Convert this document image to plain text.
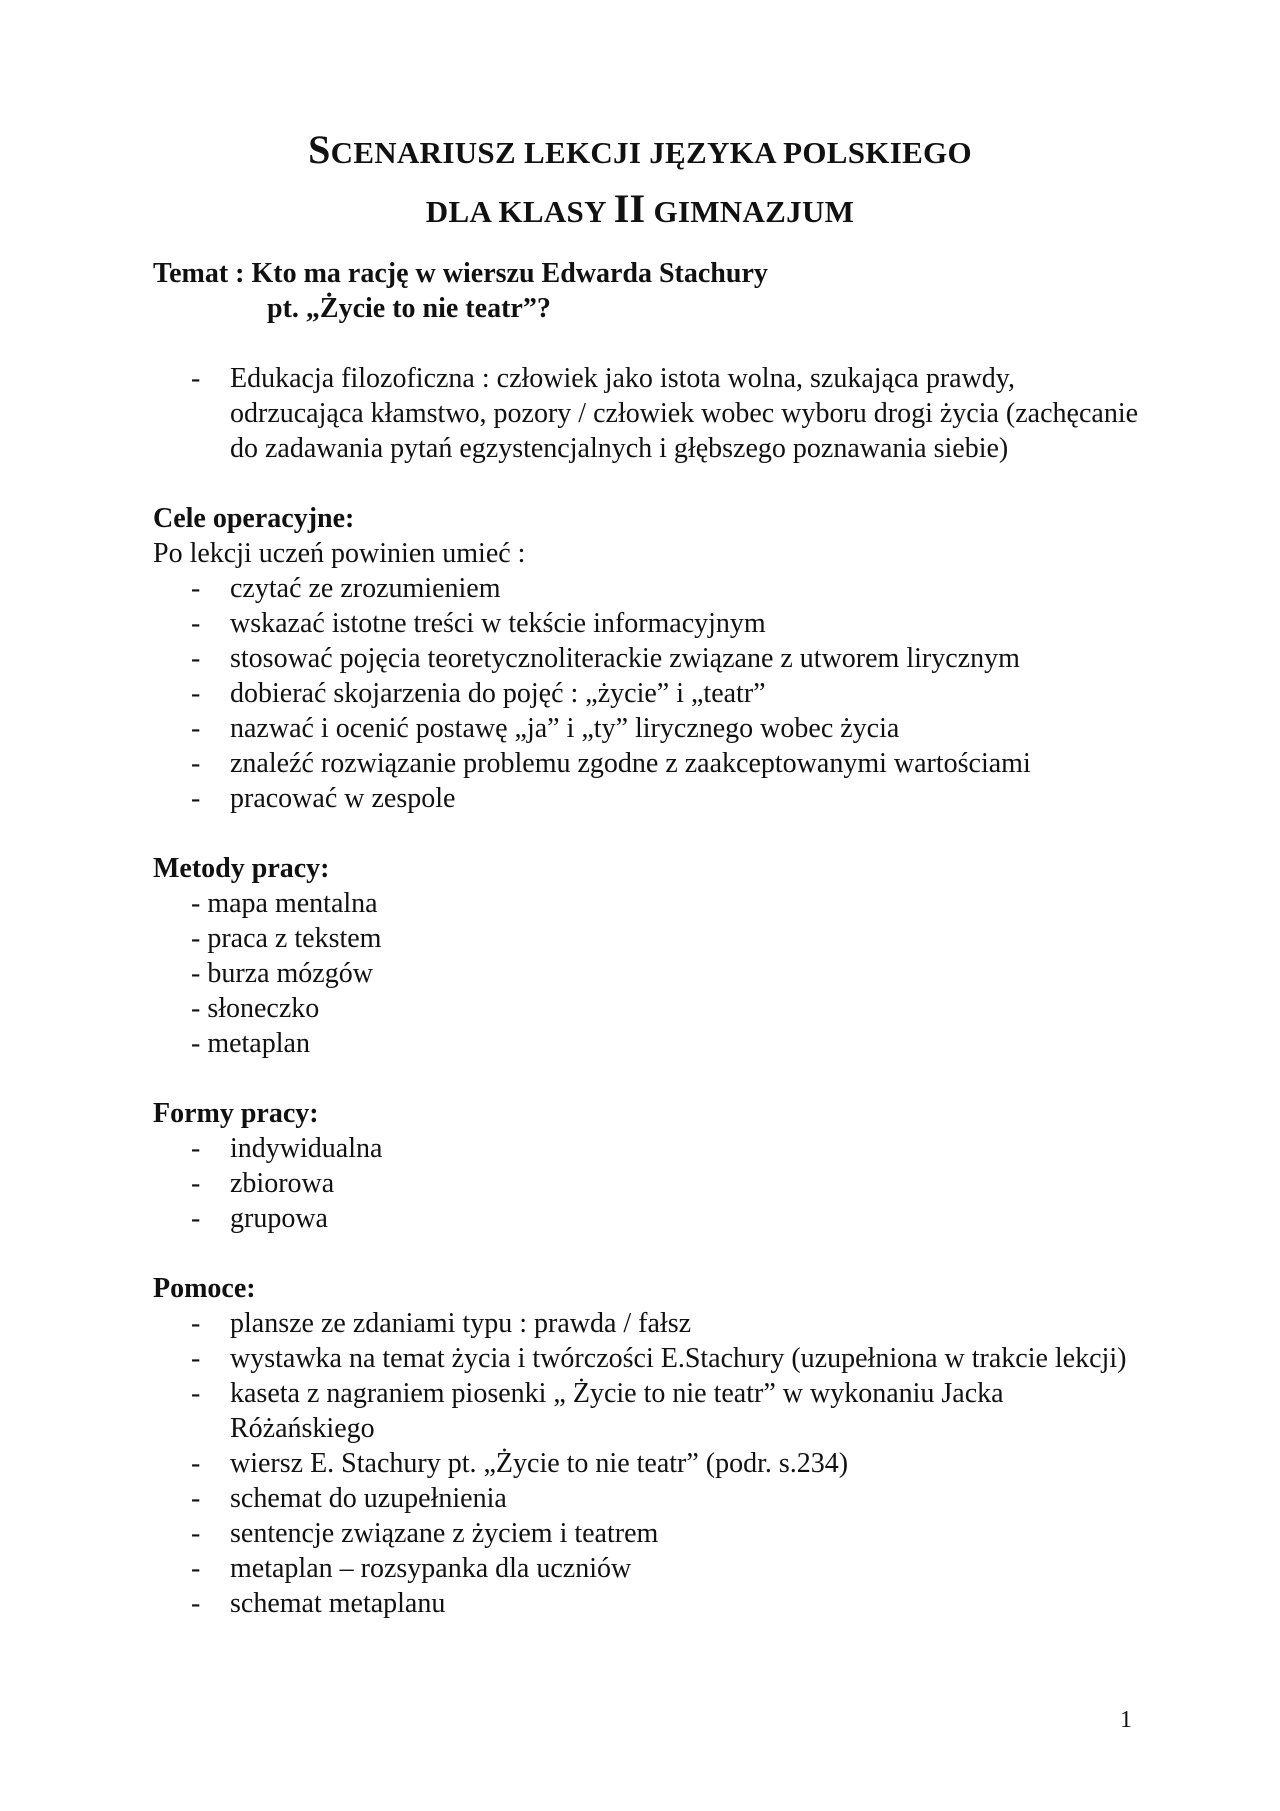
SCENARIUSZ LEKCJI JĘZYKA POLSKIEGO
DLA KLASY II GIMNAZJUM
Temat : Kto ma rację w wierszu Edwarda Stachury
pt. „Życie to nie teatr”?
- Edukacja filozoficzna : człowiek jako istota wolna, szukająca prawdy, odrzucająca kłamstwo, pozory / człowiek wobec wyboru drogi życia (zachęcanie do zadawania pytań egzystencjalnych i głębszego poznawania siebie)
Cele operacyjne:
Po lekcji uczeń powinien umieć :
- czytać ze zrozumieniem
- wskazać istotne treści w tekście informacyjnym
- stosować pojęcia teoretycznoliterackie związane z utworem lirycznym
- dobierać skojarzenia do pojęć : „życie” i „teatr”
- nazwać i ocenić postawę „ja” i „ty” lirycznego wobec życia
- znaleźć rozwiązanie problemu zgodne z zaakceptowanymi wartościami
- pracować w zespole
Metody pracy:
- mapa mentalna
- praca z tekstem
- burza mózgów
- słoneczko
- metaplan
Formy pracy:
- indywidualna
- zbiorowa
- grupowa
Pomoce:
- plansze ze zdaniami typu : prawda / fałsz
- wystawka na temat życia i twórczości E.Stachury (uzupełniona w trakcie lekcji)
- kaseta z nagraniem piosenki „ Życie to nie teatr” w wykonaniu Jacka Różańskiego
- wiersz E. Stachury pt. „Życie to nie teatr” (podr. s.234)
- schemat do uzupełnienia
- sentencje związane z życiem i teatrem
- metaplan – rozsypanka dla uczniów
- schemat metaplanu
1
